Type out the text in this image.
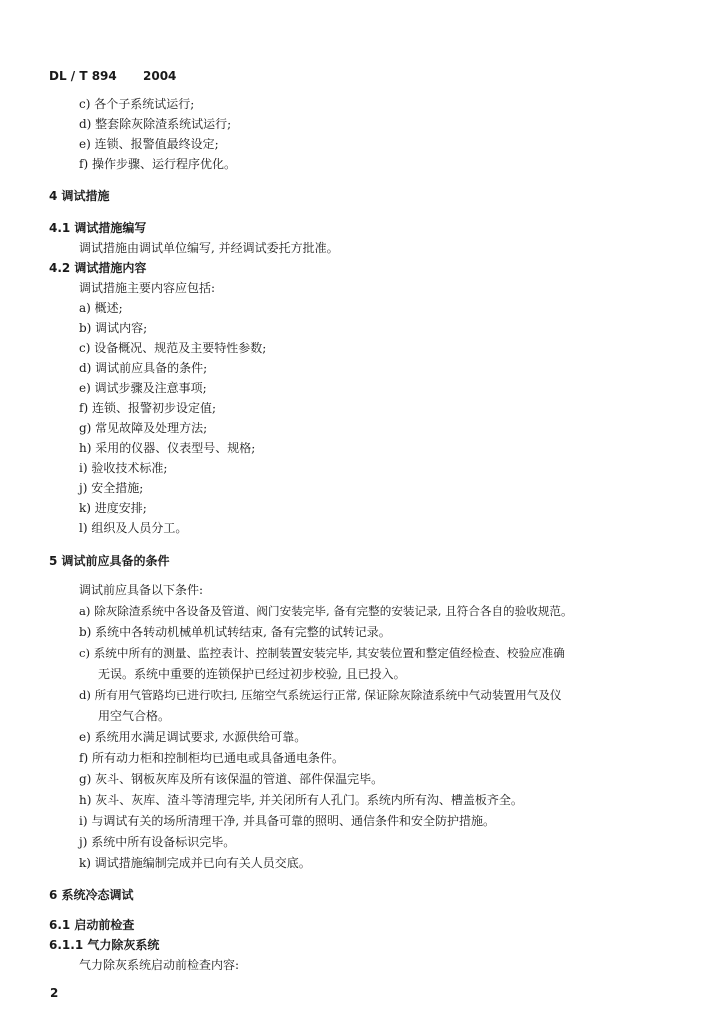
DL / T 894 2004
c) 各个子系统试运行;
d) 整套除灰除渣系统试运行;
e) 连锁、报警值最终设定;
f) 操作步骤、运行程序优化。
4 调试措施
4.1 调试措施编写
调试措施由调试单位编写, 并经调试委托方批准。
4.2 调试措施内容
调试措施主要内容应包括:
a) 概述;
b) 调试内容;
c) 设备概况、规范及主要特性参数;
d) 调试前应具备的条件;
e) 调试步骤及注意事项;
f) 连锁、报警初步设定值;
g) 常见故障及处理方法;
h) 采用的仪器、仪表型号、规格;
i) 验收技术标准;
j) 安全措施;
k) 进度安排;
l) 组织及人员分工。
5 调试前应具备的条件
调试前应具备以下条件:
a) 除灰除渣系统中各设备及管道、阀门安装完毕, 备有完整的安装记录, 且符合各自的验收规范。
b) 系统中各转动机械单机试转结束, 备有完整的试转记录。
c) 系统中所有的测量、监控表计、控制装置安装完毕, 其安装位置和整定值经检查、校验应准确
无误。系统中重要的连锁保护已经过初步校验, 且已投入。
d) 所有用气管路均已进行吹扫, 压缩空气系统运行正常, 保证除灰除渣系统中气动装置用气及仪
用空气合格。
e) 系统用水满足调试要求, 水源供给可靠。
f) 所有动力柜和控制柜均已通电或具备通电条件。
g) 灰斗、钢板灰库及所有该保温的管道、部件保温完毕。
h) 灰斗、灰库、渣斗等清理完毕, 并关闭所有人孔门。系统内所有沟、槽盖板齐全。
i) 与调试有关的场所清理干净, 并具备可靠的照明、通信条件和安全防护措施。
j) 系统中所有设备标识完毕。
k) 调试措施编制完成并已向有关人员交底。
6 系统冷态调试
6.1 启动前检查
6.1.1 气力除灰系统
气力除灰系统启动前检查内容:
2
